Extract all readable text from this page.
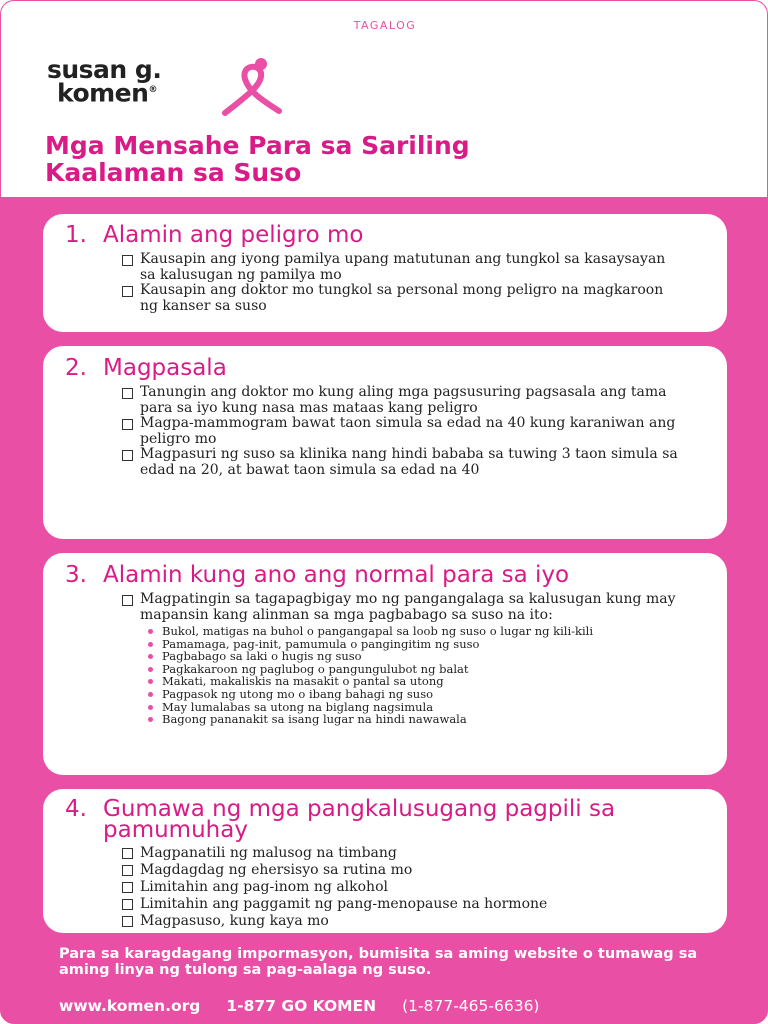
TAGALOG
susan g.
komen®
Mga Mensahe Para sa Sariling
Kaalaman sa Suso
1. Alamin ang peligro mo
Kausapin ang iyong pamilya upang matutunan ang tungkol sa kasaysayan sa kalusugan ng pamilya mo
Kausapin ang doktor mo tungkol sa personal mong peligro na magkaroon ng kanser sa suso
2. Magpasala
Tanungin ang doktor mo kung aling mga pagsusuring pagsasala ang tama para sa iyo kung nasa mas mataas kang peligro
Magpa-mammogram bawat taon simula sa edad na 40 kung karaniwan ang peligro mo
Magpasuri ng suso sa klinika nang hindi bababa sa tuwing 3 taon simula sa edad na 20, at bawat taon simula sa edad na 40
3. Alamin kung ano ang normal para sa iyo
Magpatingin sa tagapagbigay mo ng pangangalaga sa kalusugan kung may mapansin kang alinman sa mga pagbabago sa suso na ito:
Bukol, matigas na buhol o pangangapal sa loob ng suso o lugar ng kili-kili
Pamamaga, pag-init, pamumula o pangingitim ng suso
Pagbabago sa laki o hugis ng suso
Pagkakaroon ng paglubog o pangungulubot ng balat
Makati, makaliskis na masakit o pantal sa utong
Pagpasok ng utong mo o ibang bahagi ng suso
May lumalabas sa utong na biglang nagsimula
Bagong pananakit sa isang lugar na hindi nawawala
4. Gumawa ng mga pangkalusugang pagpili sa pamumuhay
Magpanatili ng malusog na timbang
Magdagdag ng ehersisyo sa rutina mo
Limitahin ang pag-inom ng alkohol
Limitahin ang paggamit ng pang-menopause na hormone
Magpasuso, kung kaya mo
Para sa karagdagang impormasyon, bumisita sa aming website o tumawag sa aming linya ng tulong sa pag-aalaga ng suso.
www.komen.org 1-877 GO KOMEN (1-877-465-6636)
